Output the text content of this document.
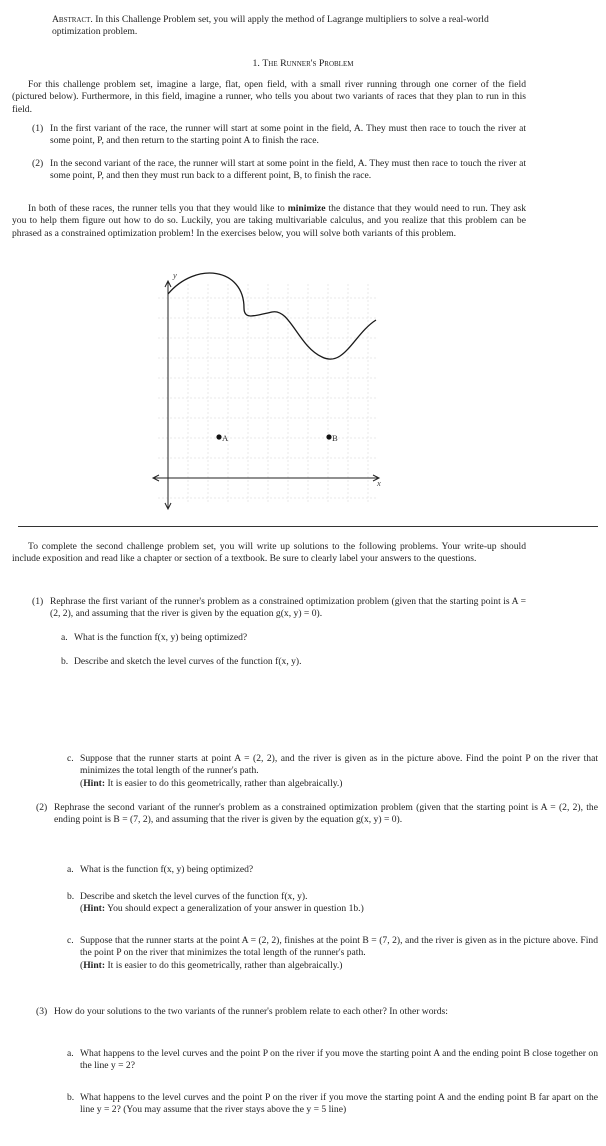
Abstract. In this Challenge Problem set, you will apply the method of Lagrange multipliers to solve a real-world optimization problem.
1. The Runner's Problem
For this challenge problem set, imagine a large, flat, open field, with a small river running through one corner of the field (pictured below). Furthermore, in this field, imagine a runner, who tells you about two variants of races that they plan to run in this field.
(1) In the first variant of the race, the runner will start at some point in the field, A. They must then race to touch the river at some point, P, and then return to the starting point A to finish the race.
(2) In the second variant of the race, the runner will start at some point in the field, A. They must then race to touch the river at some point, P, and then they must run back to a different point, B, to finish the race.
In both of these races, the runner tells you that they would like to minimize the distance that they would need to run. They ask you to help them figure out how to do so. Luckily, you are taking multivariable calculus, and you realize that this problem can be phrased as a constrained optimization problem! In the exercises below, you will solve both variants of this problem.
y
x
A	B
To complete the second challenge problem set, you will write up solutions to the following problems. Your write-up should include exposition and read like a chapter or section of a textbook. Be sure to clearly label your answers to the questions.
(1) Rephrase the first variant of the runner's problem as a constrained optimization problem (given that the starting point is A = (2, 2), and assuming that the river is given by the equation g(x, y) = 0).
a. What is the function f(x, y) being optimized?
b. Describe and sketch the level curves of the function f(x, y).
c. Suppose that the runner starts at point A = (2, 2), and the river is given as in the picture above. Find the point P on the river that minimizes the total length of the runner's path.
(Hint: It is easier to do this geometrically, rather than algebraically.)
(2) Rephrase the second variant of the runner's problem as a constrained optimization problem (given that the starting point is A = (2, 2), the ending point is B = (7, 2), and assuming that the river is given by the equation g(x, y) = 0).
a. What is the function f(x, y) being optimized?
b. Describe and sketch the level curves of the function f(x, y).
(Hint: You should expect a generalization of your answer in question 1b.)
c. Suppose that the runner starts at the point A = (2, 2), finishes at the point B = (7, 2), and the river is given as in the picture above. Find the point P on the river that minimizes the total length of the runner's path.
(Hint: It is easier to do this geometrically, rather than algebraically.)
(3) How do your solutions to the two variants of the runner's problem relate to each other? In other words:
a. What happens to the level curves and the point P on the river if you move the starting point A and the ending point B close together on the line y = 2?
b. What happens to the level curves and the point P on the river if you move the starting point A and the ending point B far apart on the line y = 2? (You may assume that the river stays above the y = 5 line)
